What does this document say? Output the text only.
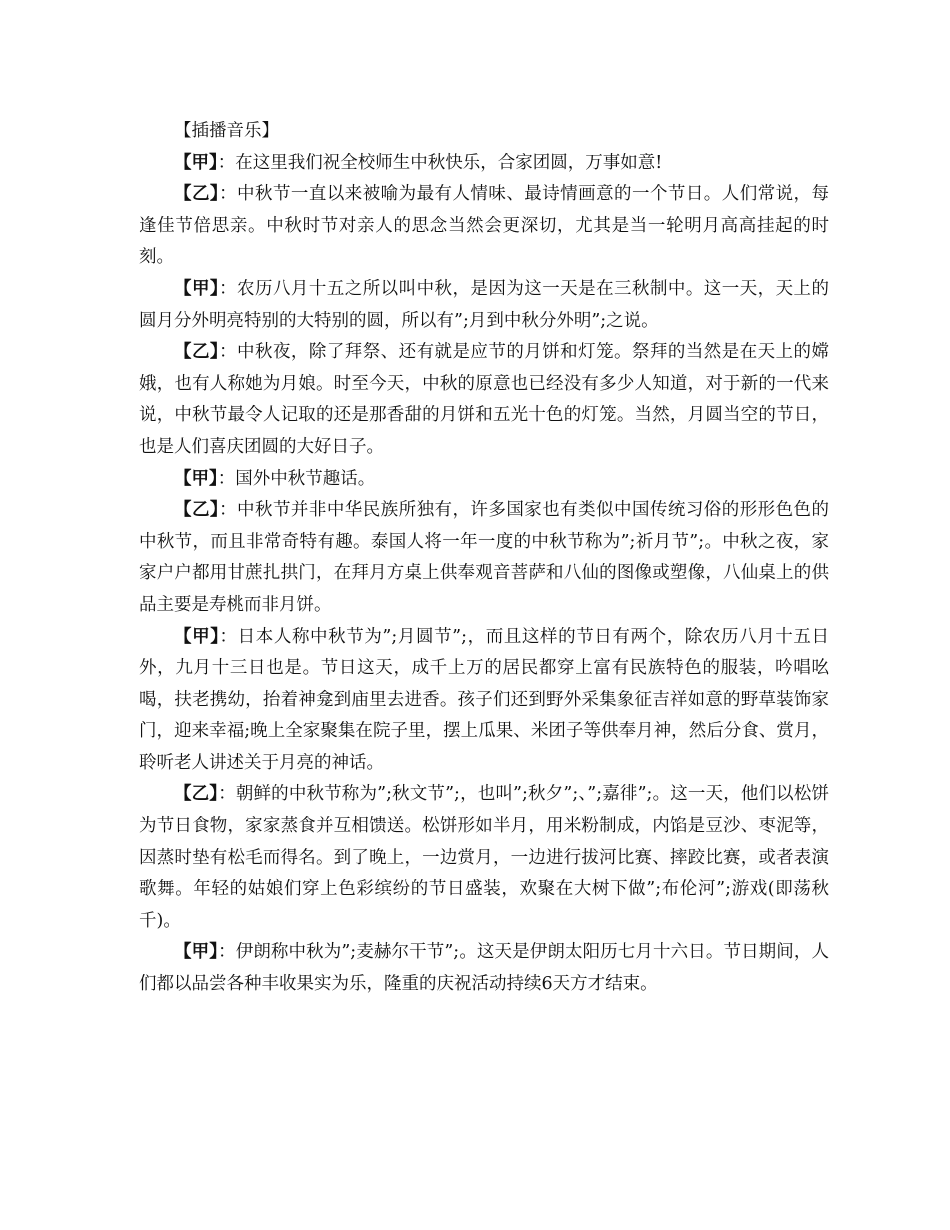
【插播音乐】

【甲】：在这里我们祝全校师生中秋快乐，合家团圆，万事如意!

【乙】：中秋节一直以来被喻为最有人情味、最诗情画意的一个节日。人们常说，每逢佳节倍思亲。中秋时节对亲人的思念当然会更深切，尤其是当一轮明月高高挂起的时刻。

【甲】：农历八月十五之所以叫中秋，是因为这一天是在三秋制中。这一天，天上的圆月分外明亮特别的大特别的圆，所以有”;月到中秋分外明”;之说。

【乙】：中秋夜，除了拜祭、还有就是应节的月饼和灯笼。祭拜的当然是在天上的嫦娥，也有人称她为月娘。时至今天，中秋的原意也已经没有多少人知道，对于新的一代来说，中秋节最令人记取的还是那香甜的月饼和五光十色的灯笼。当然，月圆当空的节日，也是人们喜庆团圆的大好日子。

【甲】：国外中秋节趣话。

【乙】：中秋节并非中华民族所独有，许多国家也有类似中国传统习俗的形形色色的中秋节，而且非常奇特有趣。泰国人将一年一度的中秋节称为”;祈月节”;。中秋之夜，家家户户都用甘蔗扎拱门，在拜月方桌上供奉观音菩萨和八仙的图像或塑像，八仙桌上的供品主要是寿桃而非月饼。

【甲】：日本人称中秋节为”;月圆节”;，而且这样的节日有两个，除农历八月十五日外，九月十三日也是。节日这天，成千上万的居民都穿上富有民族特色的服装，吟唱吆喝，扶老携幼，抬着神龛到庙里去进香。孩子们还到野外采集象征吉祥如意的野草装饰家门，迎来幸福;晚上全家聚集在院子里，摆上瓜果、米团子等供奉月神，然后分食、赏月，聆听老人讲述关于月亮的神话。

【乙】：朝鲜的中秋节称为”;秋文节”;，也叫”;秋夕”;、”;嘉徘”;。这一天，他们以松饼为节日食物，家家蒸食并互相馈送。松饼形如半月，用米粉制成，内馅是豆沙、枣泥等，因蒸时垫有松毛而得名。到了晚上，一边赏月，一边进行拔河比赛、摔跤比赛，或者表演歌舞。年轻的姑娘们穿上色彩缤纷的节日盛装，欢聚在大树下做”;布伦河”;游戏(即荡秋千)。

【甲】：伊朗称中秋为”;麦赫尔干节”;。这天是伊朗太阳历七月十六日。节日期间，人们都以品尝各种丰收果实为乐，隆重的庆祝活动持续6天方才结束。
